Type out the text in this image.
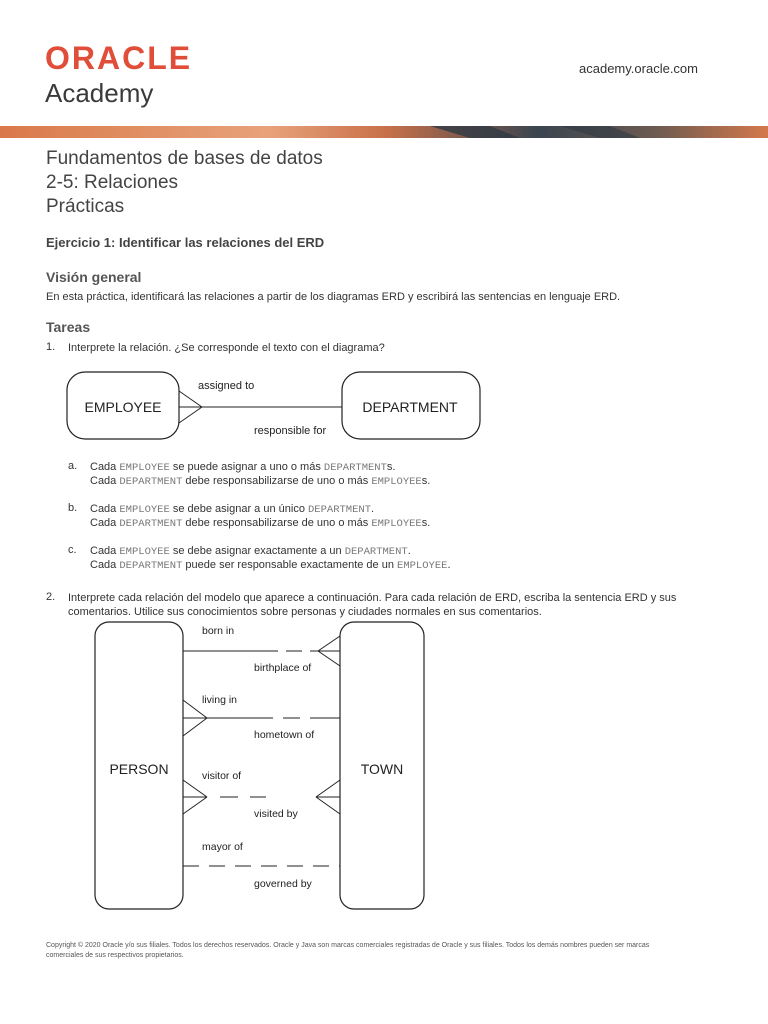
ORACLE
Academy
academy.oracle.com
Fundamentos de bases de datos
2-5: Relaciones
Prácticas
Ejercicio 1: Identificar las relaciones del ERD
Visión general

En esta práctica, identificará las relaciones a partir de los diagramas ERD y escribirá las sentencias en lenguaje ERD.

Tareas
1. Interprete la relación. ¿Se corresponde el texto con el diagrama?
EMPLOYEE	DEPARTMENT
assigned to
responsible for
a. Cada EMPLOYEE se puede asignar a uno o más DEPARTMENTs.
Cada DEPARTMENT debe responsabilizarse de uno o más EMPLOYEEs.
b. Cada EMPLOYEE se debe asignar a un único DEPARTMENT.
Cada DEPARTMENT debe responsabilizarse de uno o más EMPLOYEEs.
c. Cada EMPLOYEE se debe asignar exactamente a un DEPARTMENT.
Cada DEPARTMENT puede ser responsable exactamente de un EMPLOYEE.
2. Interprete cada relación del modelo que aparece a continuación. Para cada relación de ERD, escriba la sentencia ERD y sus
comentarios. Utilice sus conocimientos sobre personas y ciudades normales en sus comentarios.
PERSON	TOWN
born in
birthplace of
living in
hometown of
visitor of
visited by
mayor of
governed by
Copyright © 2020 Oracle y/o sus filiales. Todos los derechos reservados. Oracle y Java son marcas comerciales registradas de Oracle y sus filiales. Todos los demás nombres pueden ser marcas
comerciales de sus respectivos propietarios.
